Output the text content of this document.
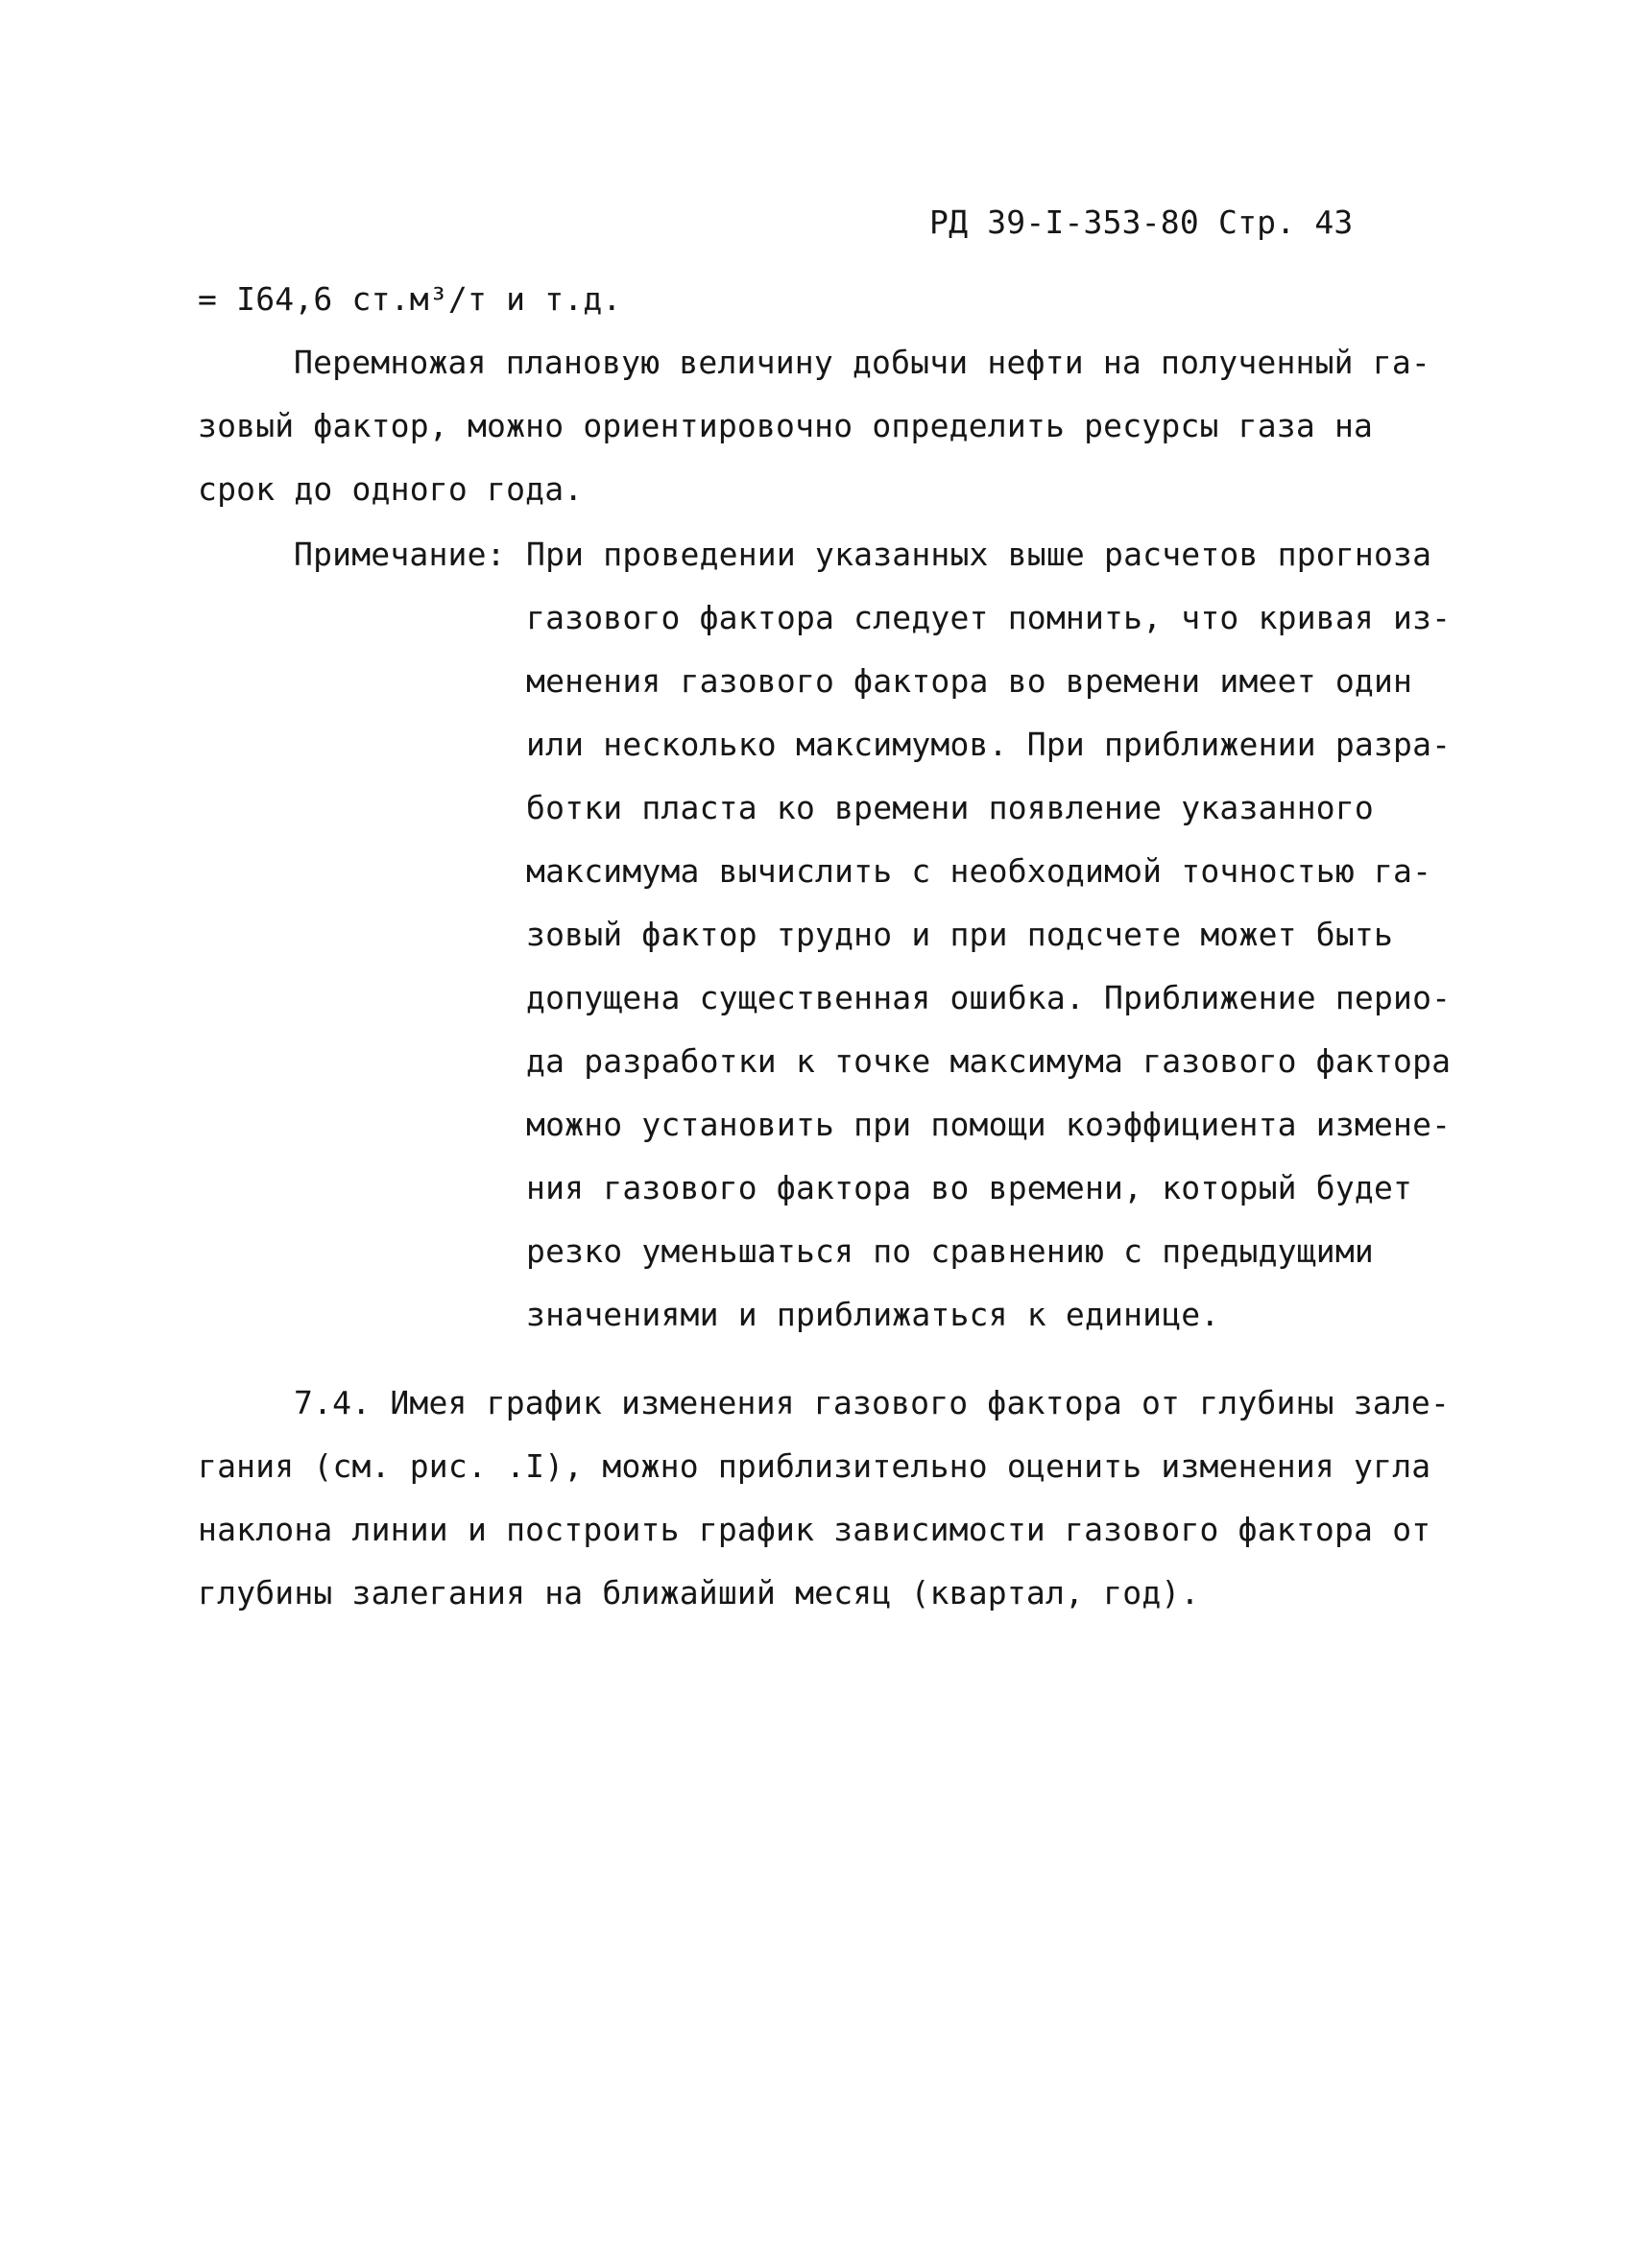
РД 39-I-353-80 Стр. 43
= I64,6 ст.м³/т и т.д.
Перемножая плановую величину добычи нефти на полученный га-
зовый фактор, можно ориентировочно определить ресурсы газа на
срок до одного года.
Примечание: При проведении указанных выше расчетов прогноза
газового фактора следует помнить, что кривая из-
менения газового фактора во времени имеет один
или несколько максимумов. При приближении разра-
ботки пласта ко времени появление указанного
максимума вычислить с необходимой точностью га-
зовый фактор трудно и при подсчете может быть
допущена существенная ошибка. Приближение перио-
да разработки к точке максимума газового фактора
можно установить при помощи коэффициента измене-
ния газового фактора во времени, который будет
резко уменьшаться по сравнению с предыдущими
значениями и приближаться к единице.
7.4. Имея график изменения газового фактора от глубины зале-
гания (см. рис. .I), можно приблизительно оценить изменения угла
наклона линии и построить график зависимости газового фактора от
глубины залегания на ближайший месяц (квартал, год).
